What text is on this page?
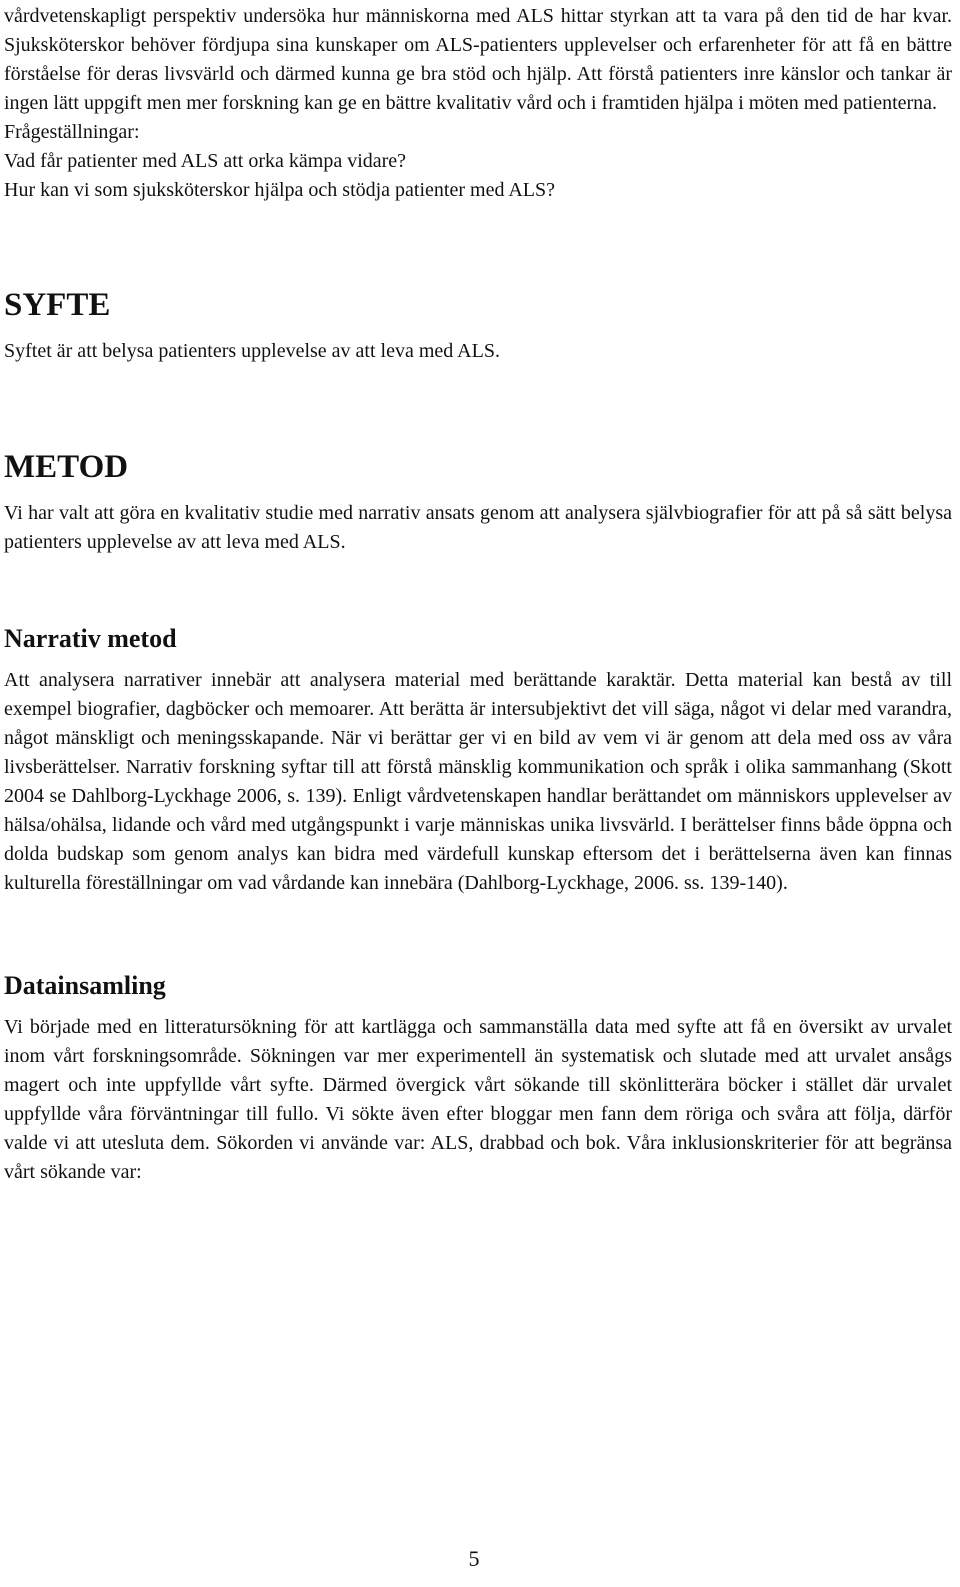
vårdvetenskapligt perspektiv undersöka hur människorna med ALS hittar styrkan att ta vara på den tid de har kvar. Sjuksköterskor behöver fördjupa sina kunskaper om ALS-patienters upplevelser och erfarenheter för att få en bättre förståelse för deras livsvärld och därmed kunna ge bra stöd och hjälp. Att förstå patienters inre känslor och tankar är ingen lätt uppgift men mer forskning kan ge en bättre kvalitativ vård och i framtiden hjälpa i möten med patienterna.

Frågeställningar:

Vad får patienter med ALS att orka kämpa vidare?

Hur kan vi som sjuksköterskor hjälpa och stödja patienter med ALS?

SYFTE

Syftet är att belysa patienters upplevelse av att leva med ALS.

METOD

Vi har valt att göra en kvalitativ studie med narrativ ansats genom att analysera självbiografier för att på så sätt belysa patienters upplevelse av att leva med ALS.

Narrativ metod

Att analysera narrativer innebär att analysera material med berättande karaktär. Detta material kan bestå av till exempel biografier, dagböcker och memoarer. Att berätta är intersubjektivt det vill säga, något vi delar med varandra, något mänskligt och meningsskapande. När vi berättar ger vi en bild av vem vi är genom att dela med oss av våra livsberättelser. Narrativ forskning syftar till att förstå mänsklig kommunikation och språk i olika sammanhang (Skott 2004 se Dahlborg-Lyckhage 2006, s. 139). Enligt vårdvetenskapen handlar berättandet om människors upplevelser av hälsa/ohälsa, lidande och vård med utgångspunkt i varje människas unika livsvärld. I berättelser finns både öppna och dolda budskap som genom analys kan bidra med värdefull kunskap eftersom det i berättelserna även kan finnas kulturella föreställningar om vad vårdande kan innebära (Dahlborg-Lyckhage, 2006. ss. 139-140).

Datainsamling

Vi började med en litteratursökning för att kartlägga och sammanställa data med syfte att få en översikt av urvalet inom vårt forskningsområde. Sökningen var mer experimentell än systematisk och slutade med att urvalet ansågs magert och inte uppfyllde vårt syfte. Därmed övergick vårt sökande till skönlitterära böcker i stället där urvalet uppfyllde våra förväntningar till fullo. Vi sökte även efter bloggar men fann dem röriga och svåra att följa, därför valde vi att utesluta dem. Sökorden vi använde var: ALS, drabbad och bok. Våra inklusionskriterier för att begränsa vårt sökande var:

5
